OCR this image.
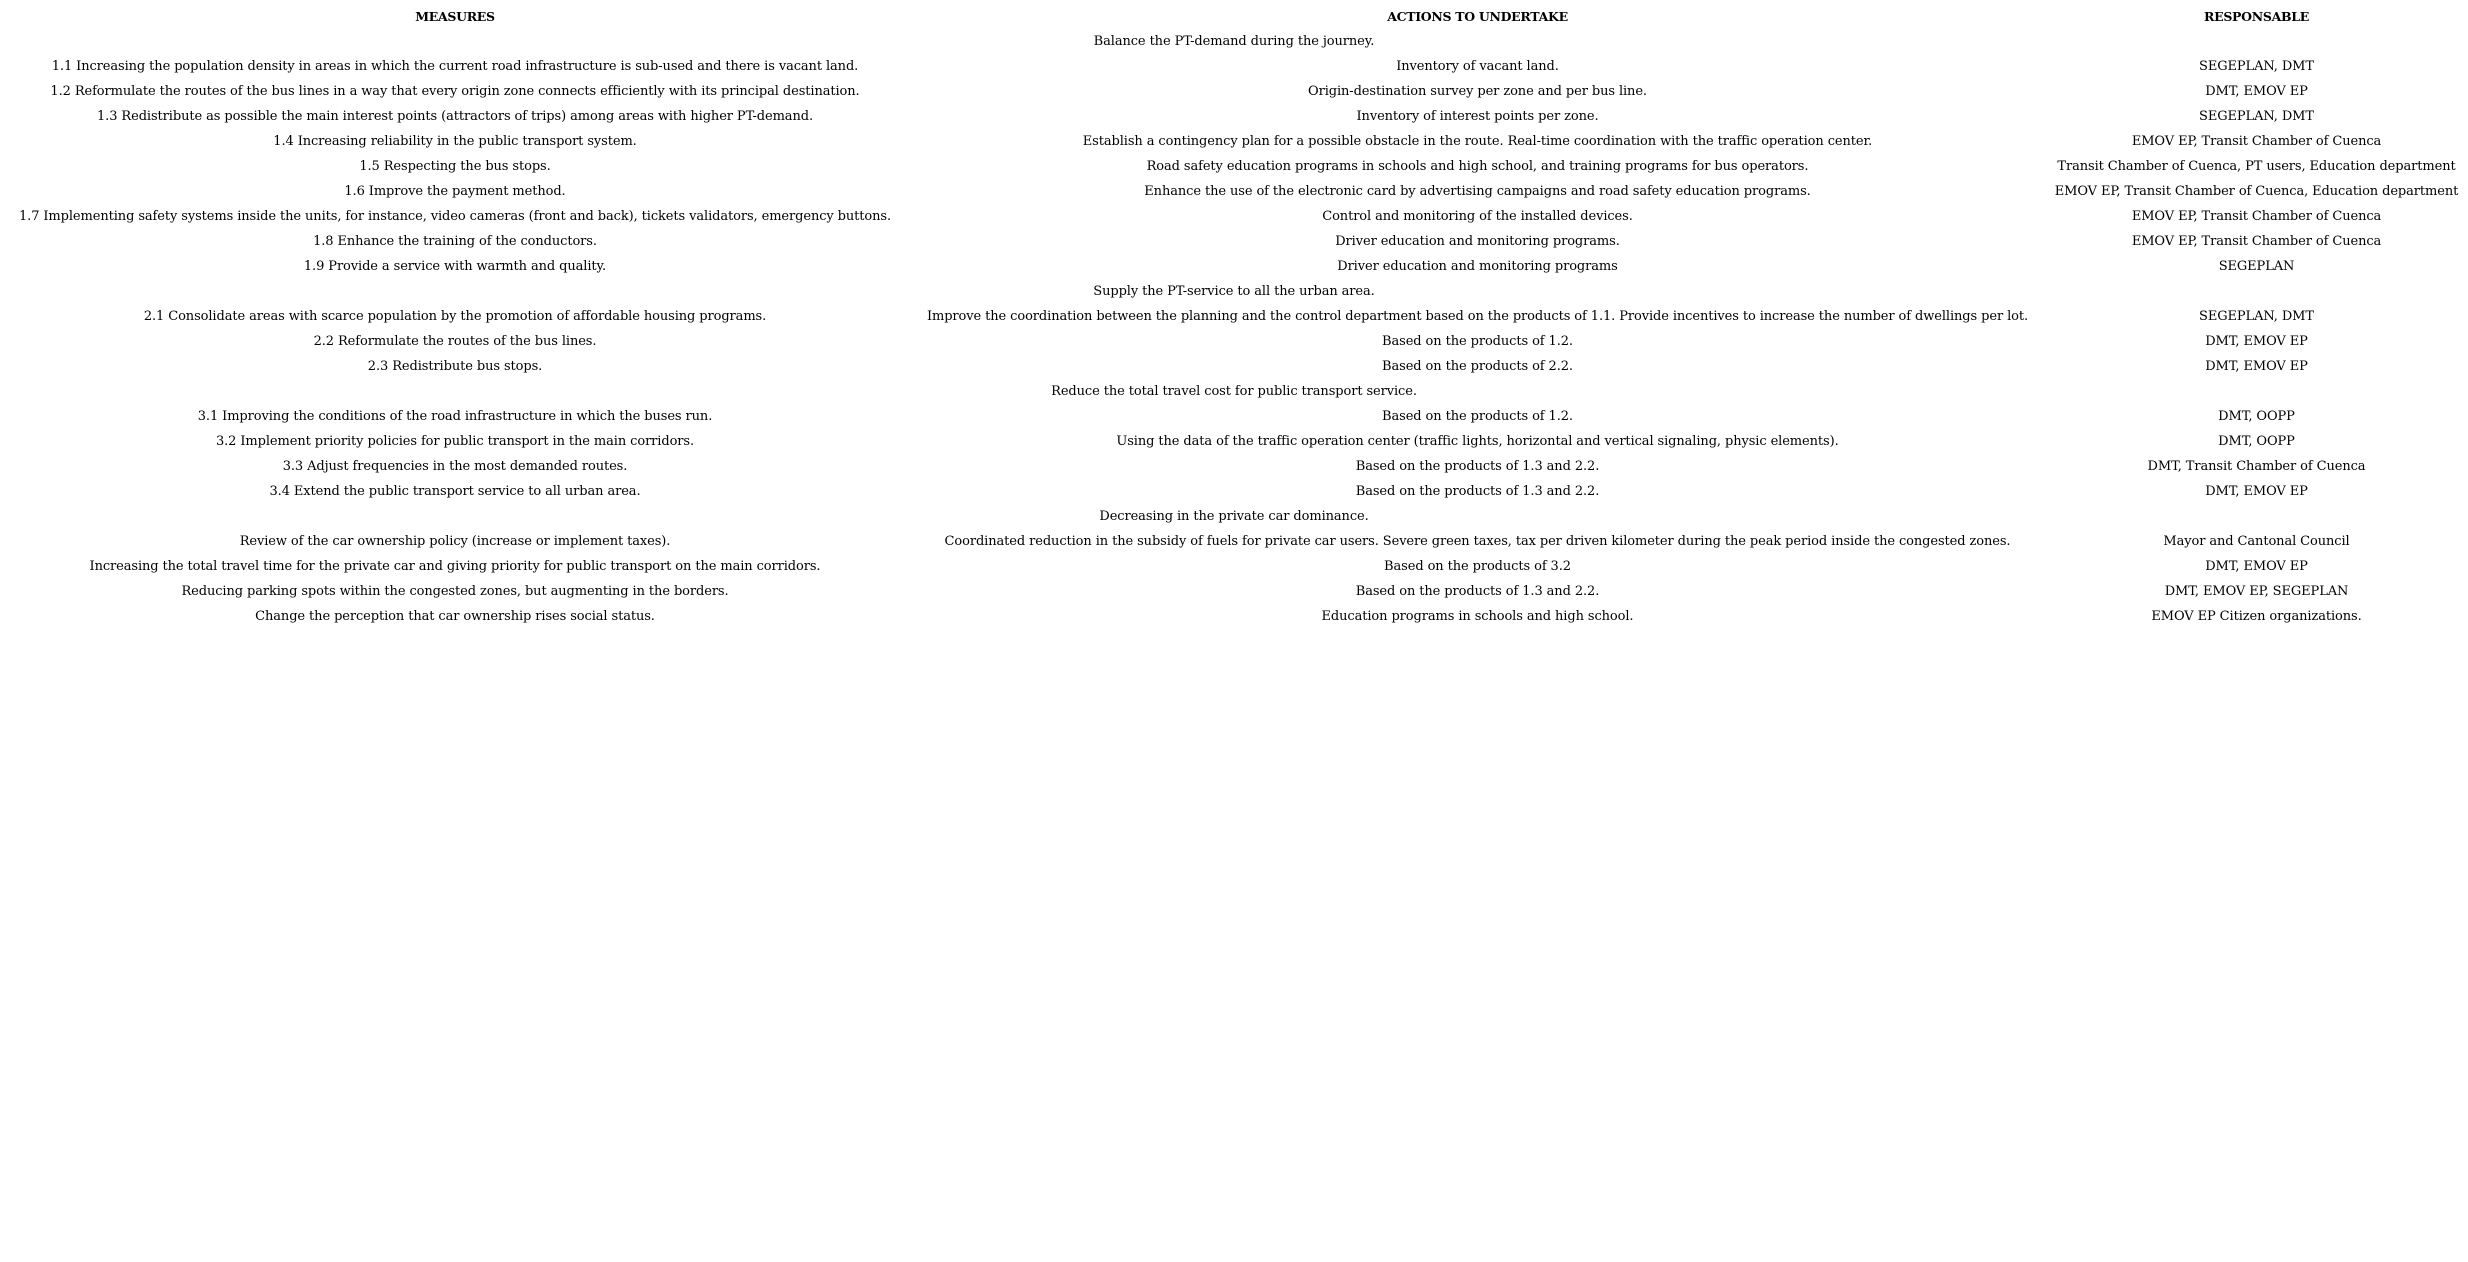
MEASURES	ACTIONS TO UNDERTAKE	RESPONSABLE
Balance the PT-demand during the journey.		
1.1 Increasing the population density in areas in which the current road infrastructure is sub-used and there is vacant land.	Inventory of vacant land.	SEGEPLAN, DMT
1.2 Reformulate the routes of the bus lines in a way that every origin zone connects efficiently with its principal destination.	Origin-destination survey per zone and per bus line.	DMT, EMOV EP
1.3 Redistribute as possible the main interest points (attractors of trips) among areas with higher PT-demand.	Inventory of interest points per zone.	SEGEPLAN, DMT
1.4 Increasing reliability in the public transport system.	Establish a contingency plan for a possible obstacle in the route. Real-time coordination with the traffic operation center.	EMOV EP, Transit Chamber of Cuenca
1.5 Respecting the bus stops.	Road safety education programs in schools and high school, and training programs for bus operators.	Transit Chamber of Cuenca, PT users, Education department
1.6 Improve the payment method.	Enhance the use of the electronic card by advertising campaigns and road safety education programs.	EMOV EP, Transit Chamber of Cuenca, Education department
1.7 Implementing safety systems inside the units, for instance, video cameras (front and back), tickets validators, emergency buttons.	Control and monitoring of the installed devices.	EMOV EP, Transit Chamber of Cuenca
1.8 Enhance the training of the conductors.	Driver education and monitoring programs.	EMOV EP, Transit Chamber of Cuenca
1.9 Provide a service with warmth and quality.	Driver education and monitoring programs	SEGEPLAN
Supply the PT-service to all the urban area.		
2.1 Consolidate areas with scarce population by the promotion of affordable housing programs.	Improve the coordination between the planning and the control department based on the products of 1.1. Provide incentives to increase the number of dwellings per lot.	SEGEPLAN, DMT
2.2 Reformulate the routes of the bus lines.	Based on the products of 1.2.	DMT, EMOV EP
2.3 Redistribute bus stops.	Based on the products of 2.2.	DMT, EMOV EP
Reduce the total travel cost for public transport service.		
3.1 Improving the conditions of the road infrastructure in which the buses run.	Based on the products of 1.2.	DMT, OOPP
3.2 Implement priority policies for public transport in the main corridors.	Using the data of the traffic operation center (traffic lights, horizontal and vertical signaling, physic elements).	DMT, OOPP
3.3 Adjust frequencies in the most demanded routes.	Based on the products of 1.3 and 2.2.	DMT, Transit Chamber of Cuenca
3.4 Extend the public transport service to all urban area.	Based on the products of 1.3 and 2.2.	DMT, EMOV EP
Decreasing in the private car dominance.		
Review of the car ownership policy (increase or implement taxes).	Coordinated reduction in the subsidy of fuels for private car users. Severe green taxes, tax per driven kilometer during the peak period inside the congested zones.	Mayor and Cantonal Council
Increasing the total travel time for the private car and giving priority for public transport on the main corridors.	Based on the products of 3.2	DMT, EMOV EP
Reducing parking spots within the congested zones, but augmenting in the borders.	Based on the products of 1.3 and 2.2.	DMT, EMOV EP, SEGEPLAN
Change the perception that car ownership rises social status.	Education programs in schools and high school.	EMOV EP Citizen organizations.
